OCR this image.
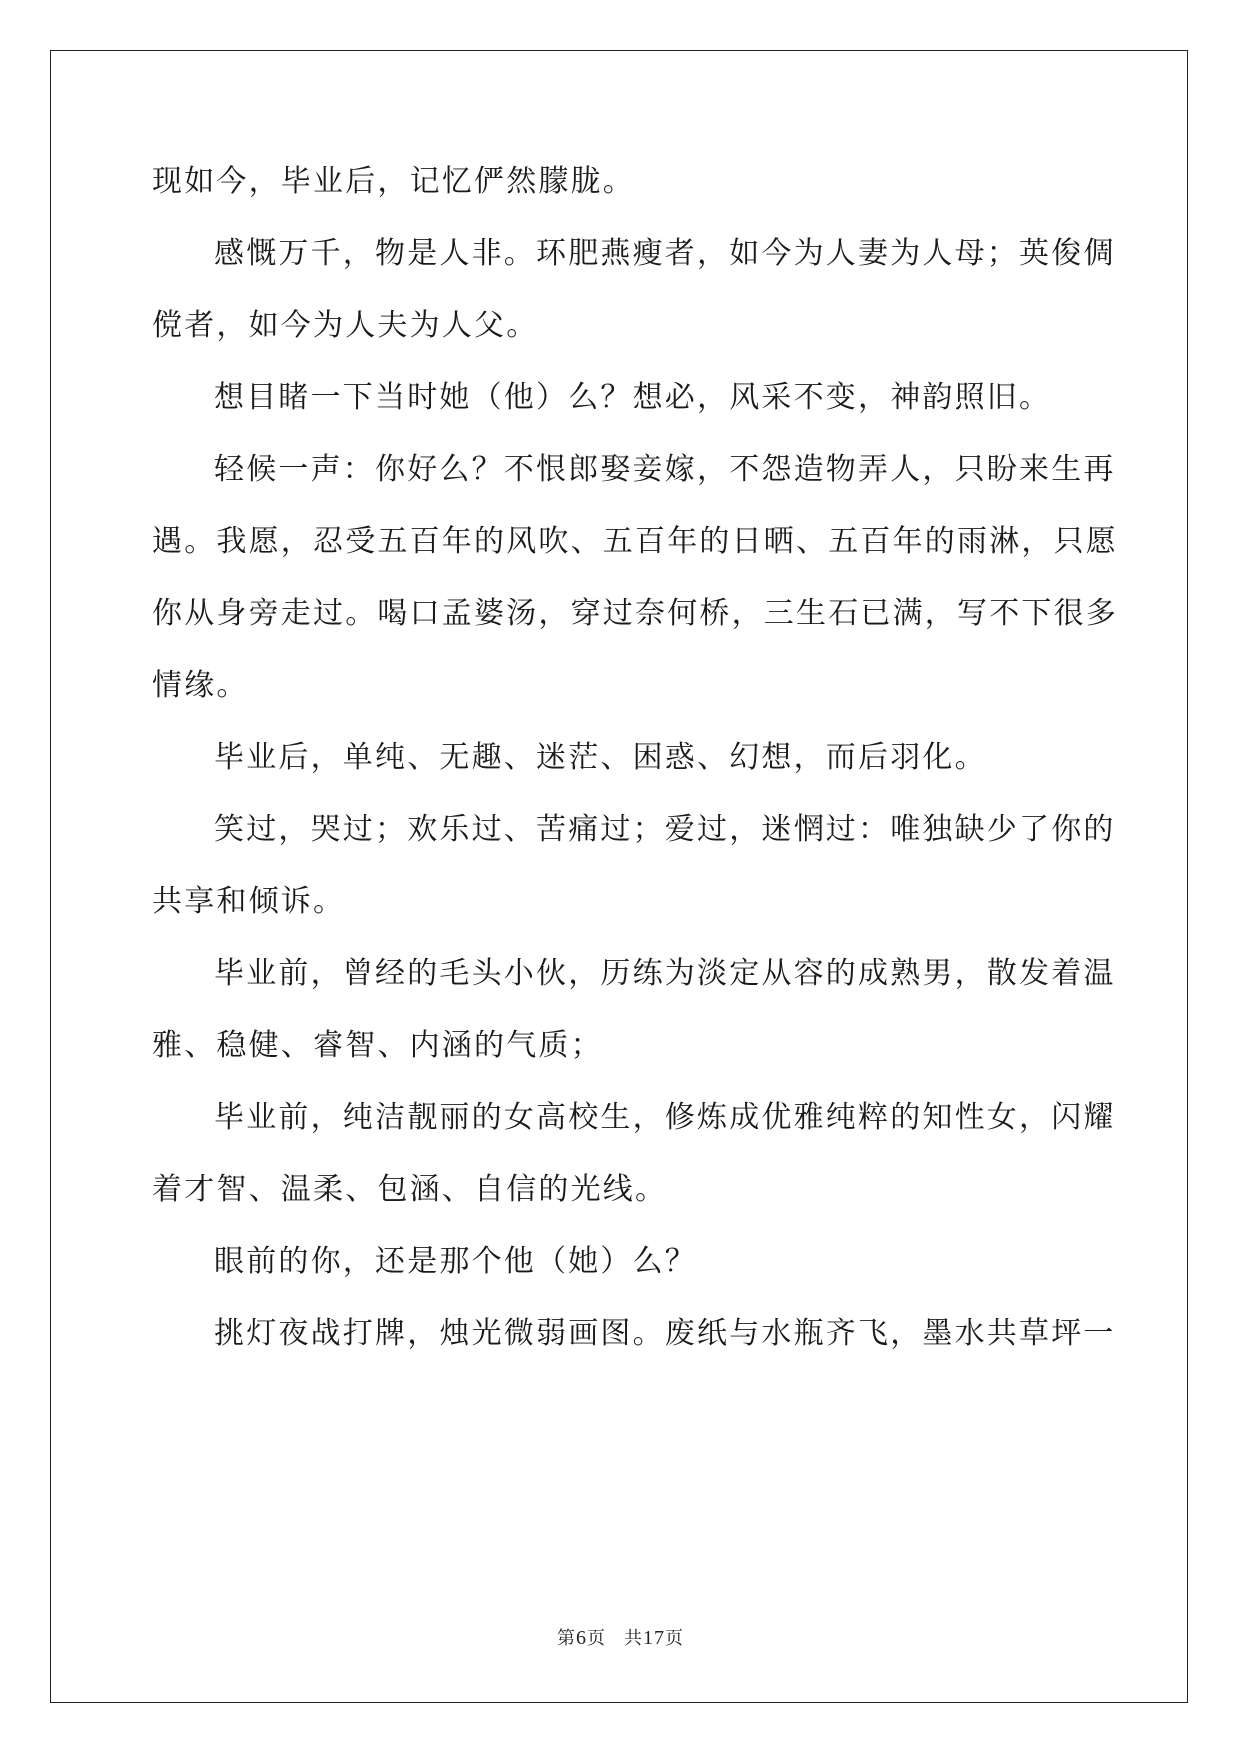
现如今，毕业后，记忆俨然朦胧。
感慨万千，物是人非。环肥燕瘦者，如今为人妻为人母；英俊倜
傥者，如今为人夫为人父。
想目睹一下当时她（他）么？想必，风采不变，神韵照旧。
轻候一声：你好么？不恨郎娶妾嫁，不怨造物弄人，只盼来生再
遇。我愿，忍受五百年的风吹、五百年的日晒、五百年的雨淋，只愿
你从身旁走过。喝口孟婆汤，穿过奈何桥，三生石已满，写不下很多
情缘。
毕业后，单纯、无趣、迷茫、困惑、幻想，而后羽化。
笑过，哭过；欢乐过、苦痛过；爱过，迷惘过：唯独缺少了你的
共享和倾诉。
毕业前，曾经的毛头小伙，历练为淡定从容的成熟男，散发着温
雅、稳健、睿智、内涵的气质；
毕业前，纯洁靓丽的女高校生，修炼成优雅纯粹的知性女，闪耀
着才智、温柔、包涵、自信的光线。
眼前的你，还是那个他（她）么？
挑灯夜战打牌，烛光微弱画图。废纸与水瓶齐飞，墨水共草坪一
第6页 共17页
